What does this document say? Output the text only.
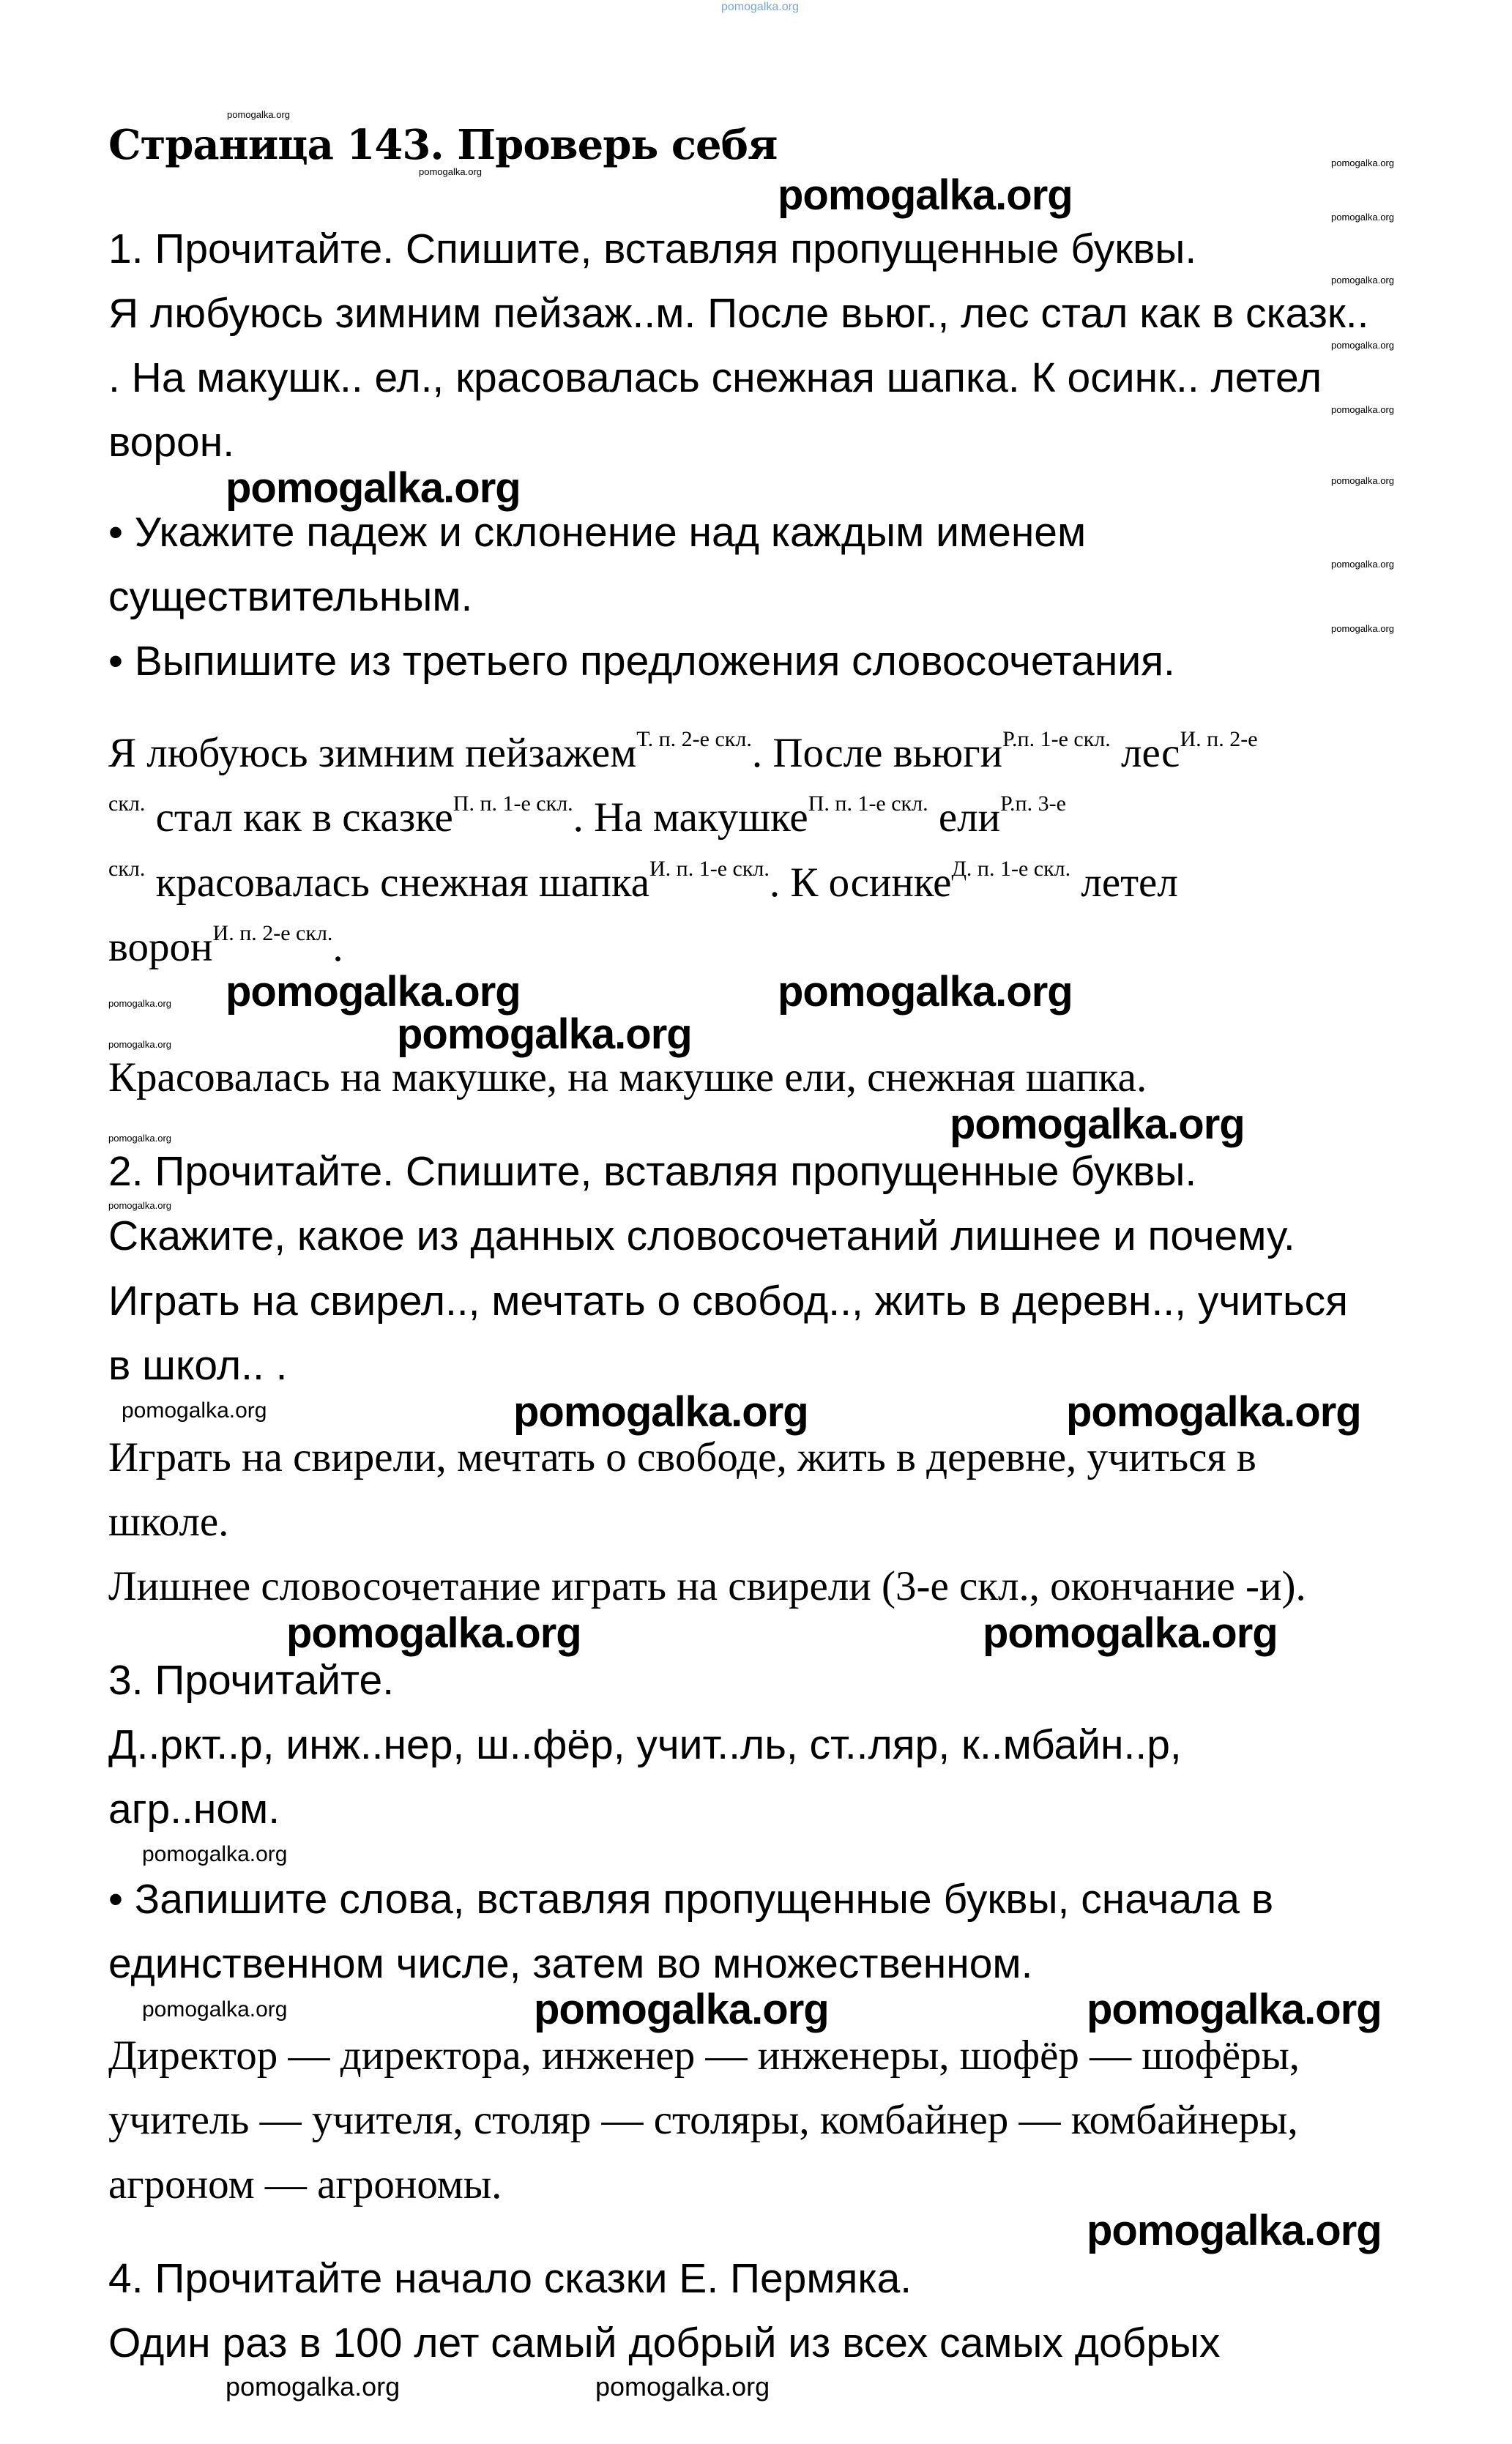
pomogalka.org
pomogalka.org
pomogalka.org
pomogalka.org
pomogalka.org
pomogalka.org
pomogalka.org
pomogalka.org
pomogalka.org
pomogalka.org
pomogalka.org
pomogalka.org
pomogalka.org
pomogalka.org
pomogalka.org
pomogalka.org
pomogalka.org
pomogalka.org
pomogalka.org
pomogalka.org
pomogalka.org
pomogalka.org	pomogalka.org
pomogalka.org	pomogalka.org
pomogalka.org
pomogalka.org
pomogalka.org
pomogalka.org
pomogalka.org
pomogalka.org
pomogalka.org	pomogalka.org
Страница 143. Проверь себя
1. Прочитайте. Спишите, вставляя пропущенные буквы.
Я любуюсь зимним пейзаж..м. После вьюг., лес стал как в сказк..
. На макушк.. ел., красовалась снежная шапка. К осинк.. летел
ворон.
• Укажите падеж и склонение над каждым именем
существительным.
• Выпишите из третьего предложения словосочетания.
Я любуюсь зимним пейзажем$^{Т. п. 2-е скл.}$. После вьюги$^{Р.п. 1-е скл.}$ лес$^{И. п. 2-е}$
$^{скл.}$ стал как в сказке$^{П. п. 1-е скл.}$. На макушке$^{П. п. 1-е скл.}$ ели$^{Р.п. 3-е}$
$^{скл.}$ красовалась снежная шапка$^{И. п. 1-е скл.}$. К осинке$^{Д. п. 1-е скл.}$ летел
ворон$^{И. п. 2-е скл.}$.
Красовалась на макушке, на макушке ели, снежная шапка.
2. Прочитайте. Спишите, вставляя пропущенные буквы.
Скажите, какое из данных словосочетаний лишнее и почему.
Играть на свирел.., мечтать о свобод.., жить в деревн.., учиться
в школ.. .
Играть на свирели, мечтать о свободе, жить в деревне, учиться в
школе.
Лишнее словосочетание играть на свирели (3-е скл., окончание -и).
3. Прочитайте.
Д..ркт..р, инж..нер, ш..фёр, учит..ль, ст..ляр, к..мбайн..р,
агр..ном.
• Запишите слова, вставляя пропущенные буквы, сначала в
единственном числе, затем во множественном.
Директор — директора, инженер — инженеры, шофёр — шофёры,
учитель — учителя, столяр — столяры, комбайнер — комбайнеры,
агроном — агрономы.
4. Прочитайте начало сказки Е. Пермяка.
Один раз в 100 лет самый добрый из всех самых добрых
